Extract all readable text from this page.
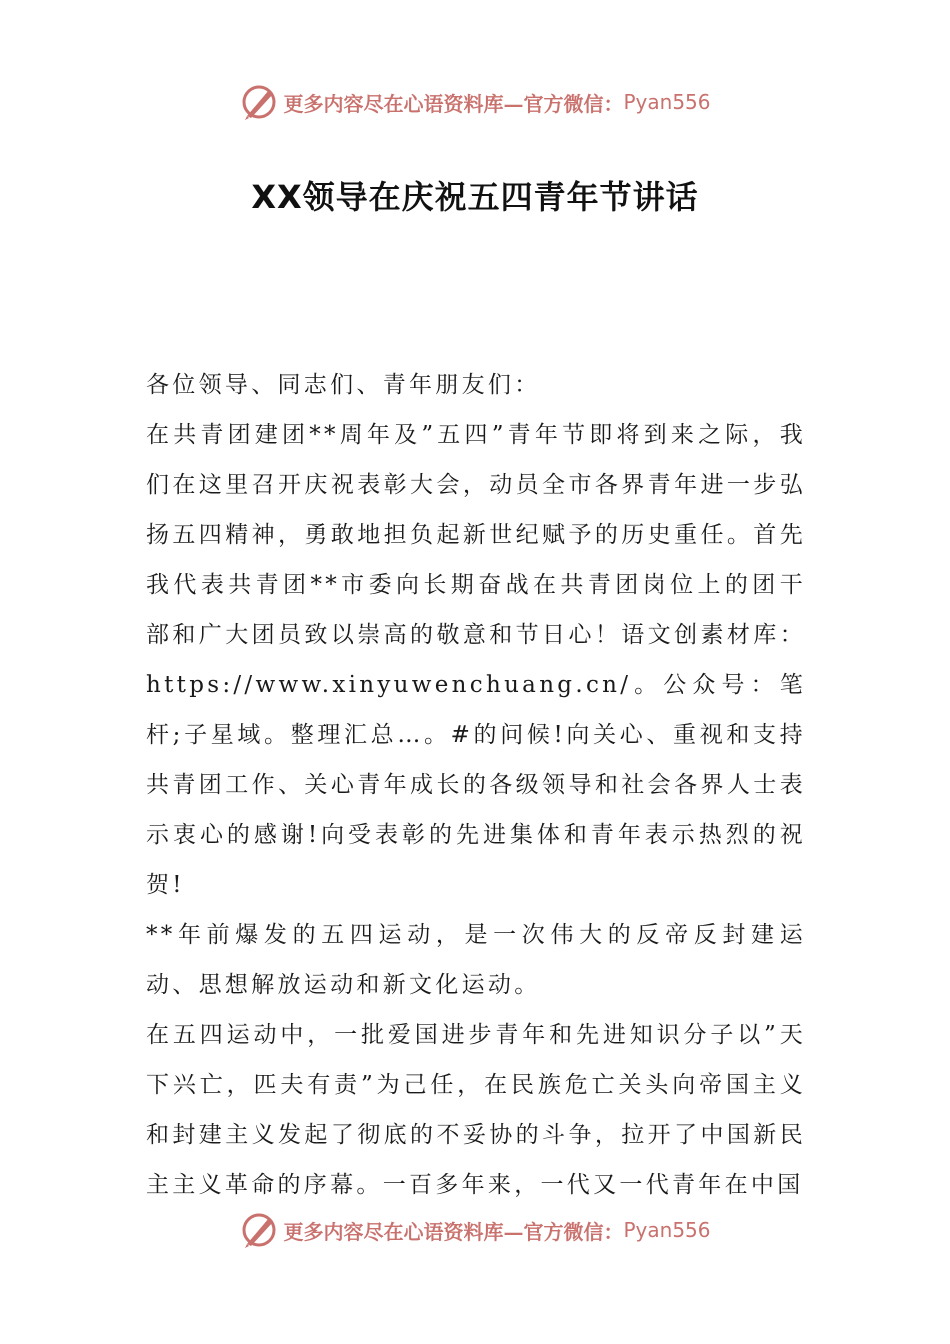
更多内容尽在心语资料库—官方微信： Pyan556
XX领导在庆祝五四青年节讲话

各位领导、同志们、青年朋友们：

在共青团建团**周年及”五四”青年节即将到来之际，我们在这里召开庆祝表彰大会，动员全市各界青年进一步弘扬五四精神，勇敢地担负起新世纪赋予的历史重任。首先我代表共青团**市委向长期奋战在共青团岗位上的团干部和广大团员致以崇高的敬意和节日心！语文创素材库：https://www.xinyuwenchuang.cn/。公众号：笔杆;子星域。整理汇总…。#的问候!向关心、重视和支持共青团工作、关心青年成长的各级领导和社会各界人士表示衷心的感谢!向受表彰的先进集体和青年表示热烈的祝贺!

**年前爆发的五四运动，是一次伟大的反帝反封建运动、思想解放运动和新文化运动。

在五四运动中，一批爱国进步青年和先进知识分子以”天下兴亡，匹夫有责”为己任，在民族危亡关头向帝国主义和封建主义发起了彻底的不妥协的斗争，拉开了中国新民主主义革命的序幕。一百多年来，一代又一代青年在中国

更多内容尽在心语资料库—官方微信： Pyan556
